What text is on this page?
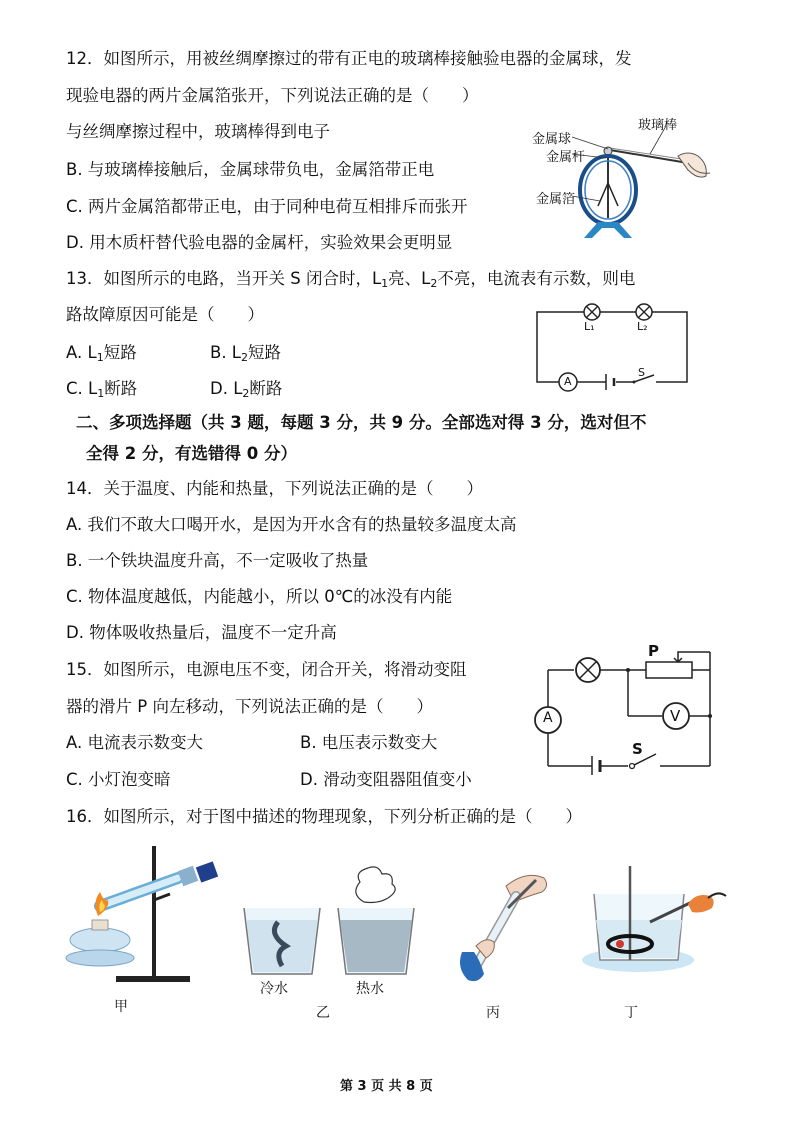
12．如图所示，用被丝绸摩擦过的带有正电的玻璃棒接触验电器的金属球，发
现验电器的两片金属箔张开，下列说法正确的是（　　）
与丝绸摩擦过程中，玻璃棒得到电子
B. 与玻璃棒接触后，金属球带负电，金属箔带正电
C. 两片金属箔都带正电，由于同种电荷互相排斥而张开
D. 用木质杆替代验电器的金属杆，实验效果会更明显
玻璃棒
金属球
金属杆
金属箔
13．如图所示的电路，当开关 S 闭合时，$L_1$亮、$L_2$不亮，电流表有示数，则电
路故障原因可能是（　　）
A. $L_1$短路	B. $L_2$短路
C. $L_1$断路	D. $L_2$断路
L₁	L₂
A
S
二、多项选择题（共 3 题，每题 3 分，共 9 分。全部选对得 3 分，选对但不
全得 2 分，有选错得 0 分）
14．关于温度、内能和热量，下列说法正确的是（　　）
A. 我们不敢大口喝开水，是因为开水含有的热量较多温度太高
B. 一个铁块温度升高，不一定吸收了热量
C. 物体温度越低，内能越小，所以 0℃的冰没有内能
D. 物体吸收热量后，温度不一定升高
15．如图所示，电源电压不变，闭合开关，将滑动变阻
器的滑片 P 向左移动，下列说法正确的是（　　）
A. 电流表示数变大	B. 电压表示数变大
C. 小灯泡变暗	D. 滑动变阻器阻值变小
P
A	V
S
16．如图所示，对于图中描述的物理现象，下列分析正确的是（　　）
甲
冷水	热水
乙	丙	丁
第 3 页 共 8 页
